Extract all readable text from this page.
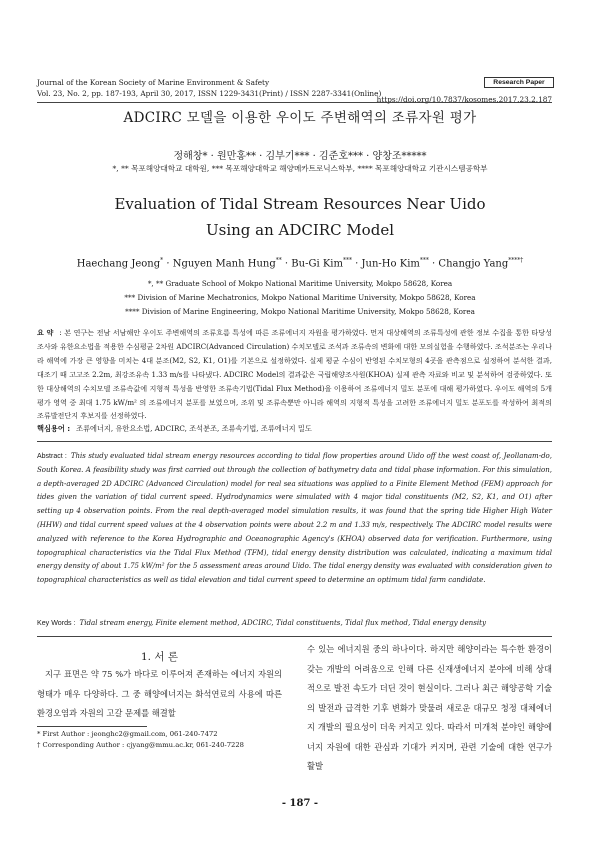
Journal of the Korean Society of Marine Environment & Safety
Vol. 23, No. 2, pp. 187-193, April 30, 2017, ISSN 1229-3431(Print) / ISSN 2287-3341(Online)
Research Paper
https://doi.org/10.7837/kosomes.2017.23.2.187
ADCIRC 모델을 이용한 우이도 주변해역의 조류자원 평가
정해창* · 원만홍** · 김부기*** · 김준호*** · 양창조*****
*, ** 목포해양대학교 대학원, *** 목포해양대학교 해양메카트로닉스학부, **** 목포해양대학교 기관시스템공학부
Evaluation of Tidal Stream Resources Near Uido
Using an ADCIRC Model
Haechang Jeong* · Nguyen Manh Hung** · Bu-Gi Kim*** · Jun-Ho Kim*** · Changjo Yang****†
*, ** Graduate School of Mokpo National Maritime University, Mokpo 58628, Korea
*** Division of Marine Mechatronics, Mokpo National Maritime University, Mokpo 58628, Korea
**** Division of Marine Engineering, Mokpo National Maritime University, Mokpo 58628, Korea
요 약 : 본 연구는 전남 서남해안 우이도 주변해역의 조류흐름 특성에 따른 조류에너지 자원을 평가하였다. 먼저 대상해역의 조류특성에 관한 정보 수집을 통한 타당성 조사와 유한요소법을 적용한 수심평균 2차원 ADCIRC(Advanced Circulation) 수치모델로 조석과 조류속의 변화에 대한 모의실험을 수행하였다. 조석분조는 우리나라 해역에 가장 큰 영향을 미치는 4대 분조(M2, S2, K1, O1)를 기본으로 설정하였다. 실제 평균 수심이 반영된 수치모형의 4곳을 관측점으로 설정하여 분석한 결과, 대조기 때 고고조 2.2m, 최강조유속 1.33 m/s를 나타냈다. ADCIRC Model의 결과값은 국립해양조사원(KHOA) 실제 관측 자료와 비교 및 분석하여 검증하였다. 또한 대상해역의 수치모델 조류속값에 지형적 특성을 반영한 조류속기법(Tidal Flux Method)을 이용하여 조류에너지 밀도 분포에 대해 평가하였다. 우이도 해역의 5개 평가 영역 중 최대 1.75 kW/m² 의 조류에너지 분포를 보였으며, 조위 및 조류속뿐만 아니라 해역의 지형적 특성을 고려한 조류에너지 밀도 분포도를 작성하여 최적의 조류발전단지 후보지를 선정하였다.
핵심용어 : 조류에너지, 유한요소법, ADCIRC, 조석분조, 조류속기법, 조류에너지 밀도
Abstract : This study evaluated tidal stream energy resources according to tidal flow properties around Uido off the west coast of, Jeollanam-do, South Korea. A feasibility study was first carried out through the collection of bathymetry data and tidal phase information. For this simulation, a depth-averaged 2D ADCIRC (Advanced Circulation) model for real sea situations was applied to a Finite Element Method (FEM) approach for tides given the variation of tidal current speed. Hydrodynamics were simulated with 4 major tidal constituents (M2, S2, K1, and O1) after setting up 4 observation points. From the real depth-averaged model simulation results, it was found that the spring tide Higher High Water (HHW) and tidal current speed values at the 4 observation points were about 2.2 m and 1.33 m/s, respectively. The ADCIRC model results were analyzed with reference to the Korea Hydrographic and Oceanographic Agency's (KHOA) observed data for verification. Furthermore, using topographical characteristics via the Tidal Flux Method (TFM), tidal energy density distribution was calculated, indicating a maximum tidal energy density of about 1.75 kW/m² for the 5 assessment areas around Uido. The tidal energy density was evaluated with consideration given to topographical characteristics as well as tidal elevation and tidal current speed to determine an optimum tidal farm candidate.
Key Words : Tidal stream energy, Finite element method, ADCIRC, Tidal constituents, Tidal flux method, Tidal energy density
1. 서 론
지구 표면은 약 75 %가 바다로 이루어져 존재하는 에너지 자원의 형태가 매우 다양하다. 그 중 해양에너지는 화석연료의 사용에 따른 환경오염과 자원의 고갈 문제를 해결할
수 있는 에너지원 중의 하나이다. 하지만 해양이라는 특수한 환경이 갖는 개발의 어려움으로 인해 다른 신재생에너지 분야에 비해 상대적으로 발전 속도가 더딘 것이 현실이다. 그러나 최근 해양공학 기술의 발전과 급격한 기후 변화가 맞물려 새로운 대규모 청정 대체에너지 개발의 필요성이 더욱 커지고 있다. 따라서 미개척 분야인 해양에너지 자원에 대한 관심과 기대가 커지며, 관련 기술에 대한 연구가 활발
* First Author : jeonghc2@gmail.com, 061-240-7472
† Corresponding Author : cjyang@mmu.ac.kr, 061-240-7228
- 187 -
